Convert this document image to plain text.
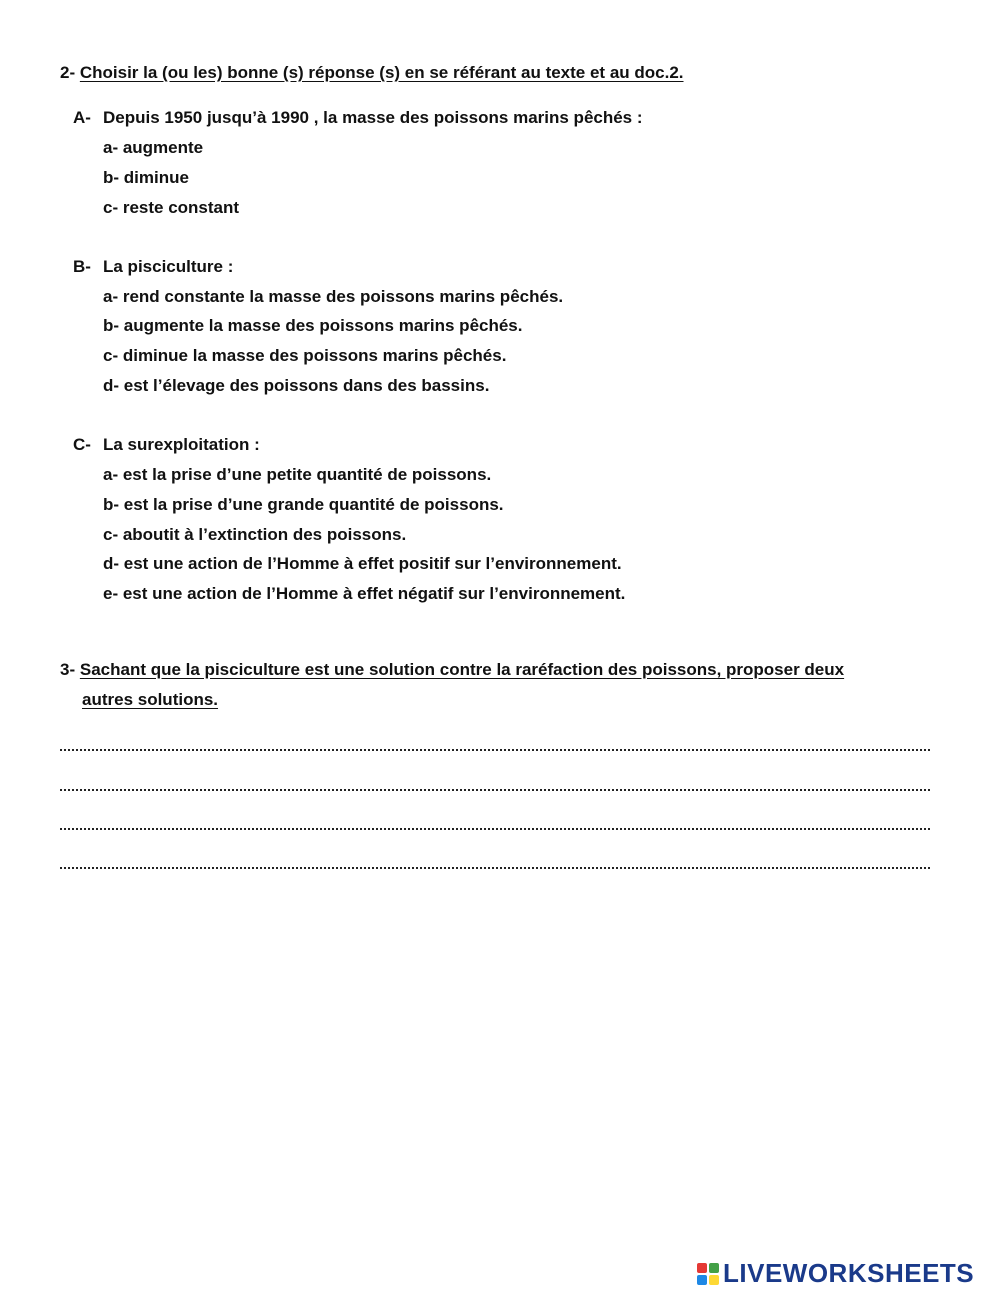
2- Choisir la (ou les) bonne (s) réponse (s) en se référant au texte et au doc.2.
A- Depuis 1950 jusqu’à 1990 , la masse des poissons marins pêchés :
a- augmente
b- diminue
c- reste constant
B- La pisciculture :
a- rend constante la masse des poissons marins pêchés.
b- augmente la masse des poissons marins pêchés.
c- diminue la masse des poissons marins pêchés.
d- est l’élevage des poissons dans des bassins.
C- La surexploitation :
a- est la prise d’une petite quantité de poissons.
b- est la prise d’une grande quantité de poissons.
c- aboutit à l’extinction des poissons.
d- est une action de l’Homme à effet positif sur l’environnement.
e- est une action de l’Homme à effet négatif sur l’environnement.
3- Sachant que la pisciculture est une solution contre la raréfaction des poissons, proposer deux
autres solutions.
LIVEWORKSHEETS
